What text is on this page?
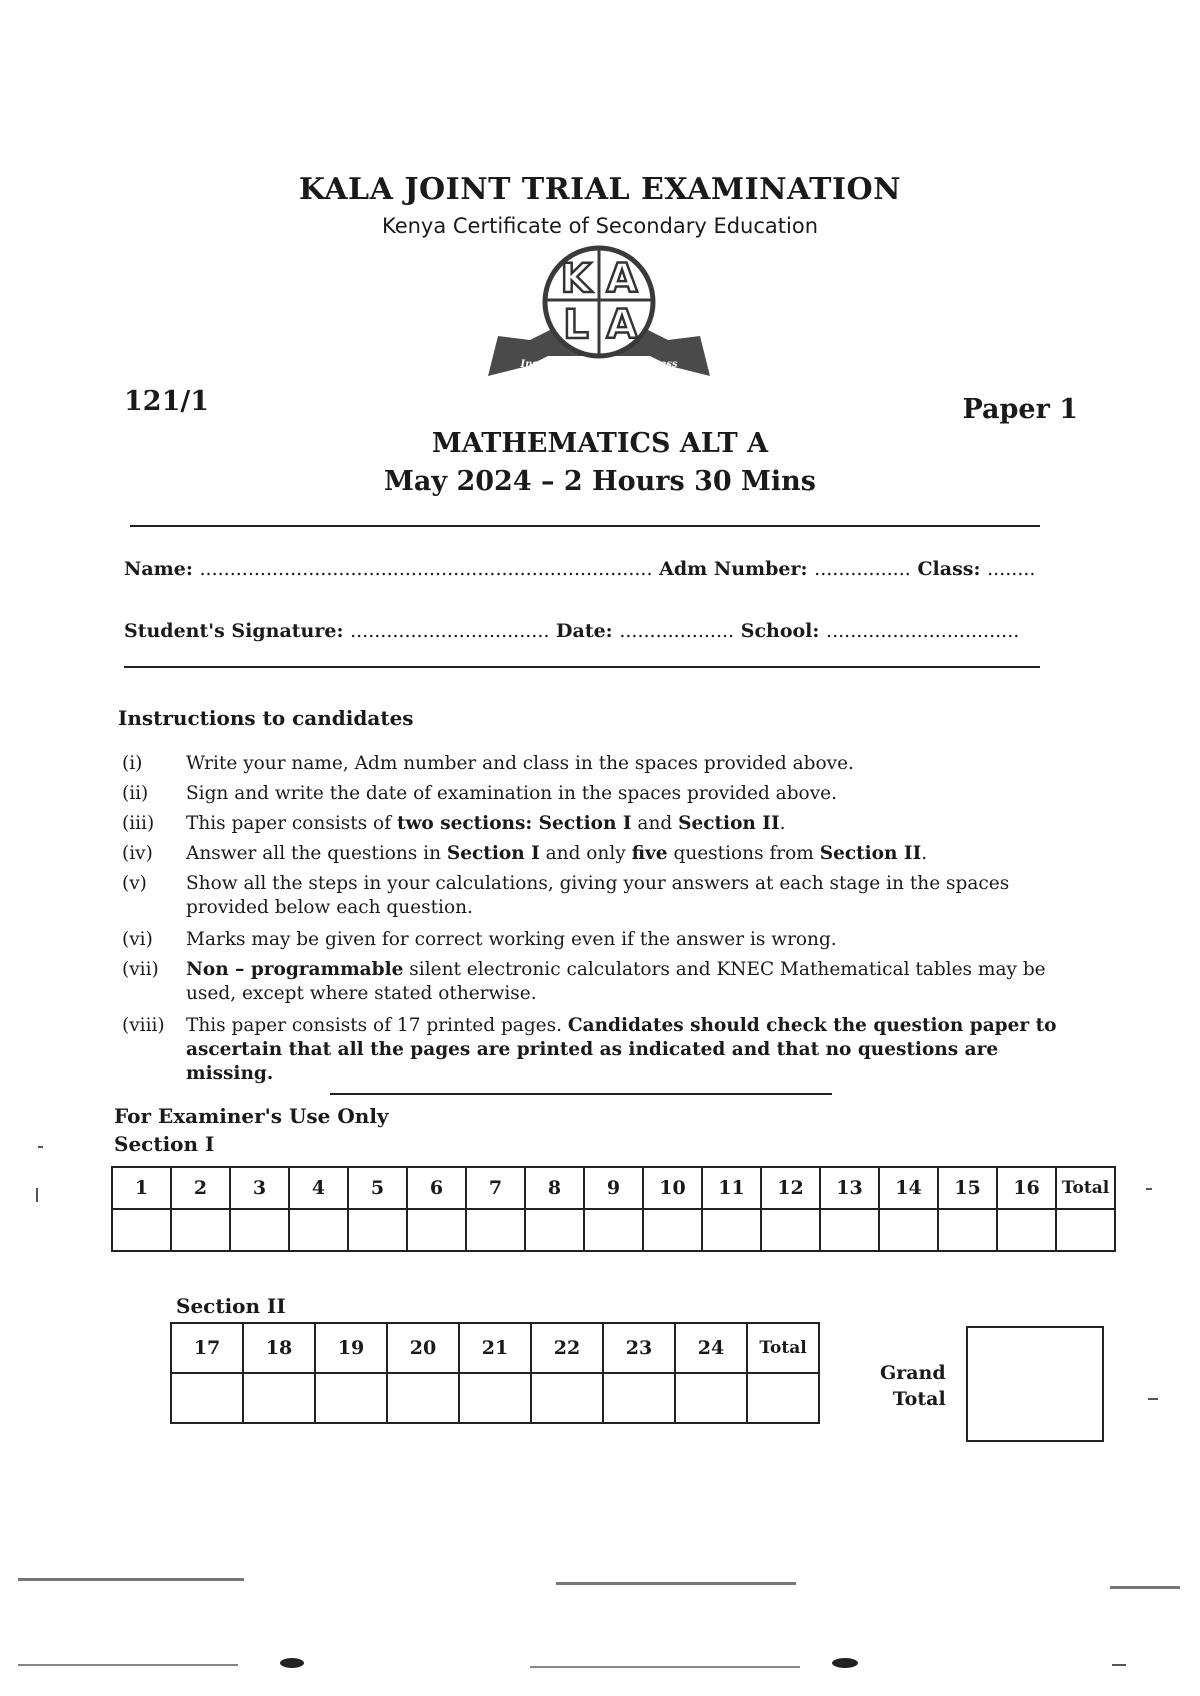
KALA JOINT TRIAL EXAMINATION
Kenya Certificate of Secondary Education
K A
L A
Inspiring Academic Success
121/1	Paper 1
MATHEMATICS ALT A
May 2024 – 2 Hours 30 Mins
Name: ........................................................................... Adm Number: ................ Class: ........
Student's Signature: ................................. Date: ................... School: ................................
Instructions to candidates
(i)	Write your name, Adm number and class in the spaces provided above.
(ii)	Sign and write the date of examination in the spaces provided above.
(iii)	This paper consists of two sections: Section I and Section II.
(iv)	Answer all the questions in Section I and only five questions from Section II.
(v)	Show all the steps in your calculations, giving your answers at each stage in the spaces provided below each question.
(vi)	Marks may be given for correct working even if the answer is wrong.
(vii)	Non – programmable silent electronic calculators and KNEC Mathematical tables may be used, except where stated otherwise.
(viii)	This paper consists of 17 printed pages. Candidates should check the question paper to ascertain that all the pages are printed as indicated and that no questions are missing.
For Examiner's Use Only
Section I
1	2	3	4	5	6	7	8	9	10	11	12	13	14	15	16	Total

Section II
17	18	19	20	21	22	23	24	Total

Grand
Total
